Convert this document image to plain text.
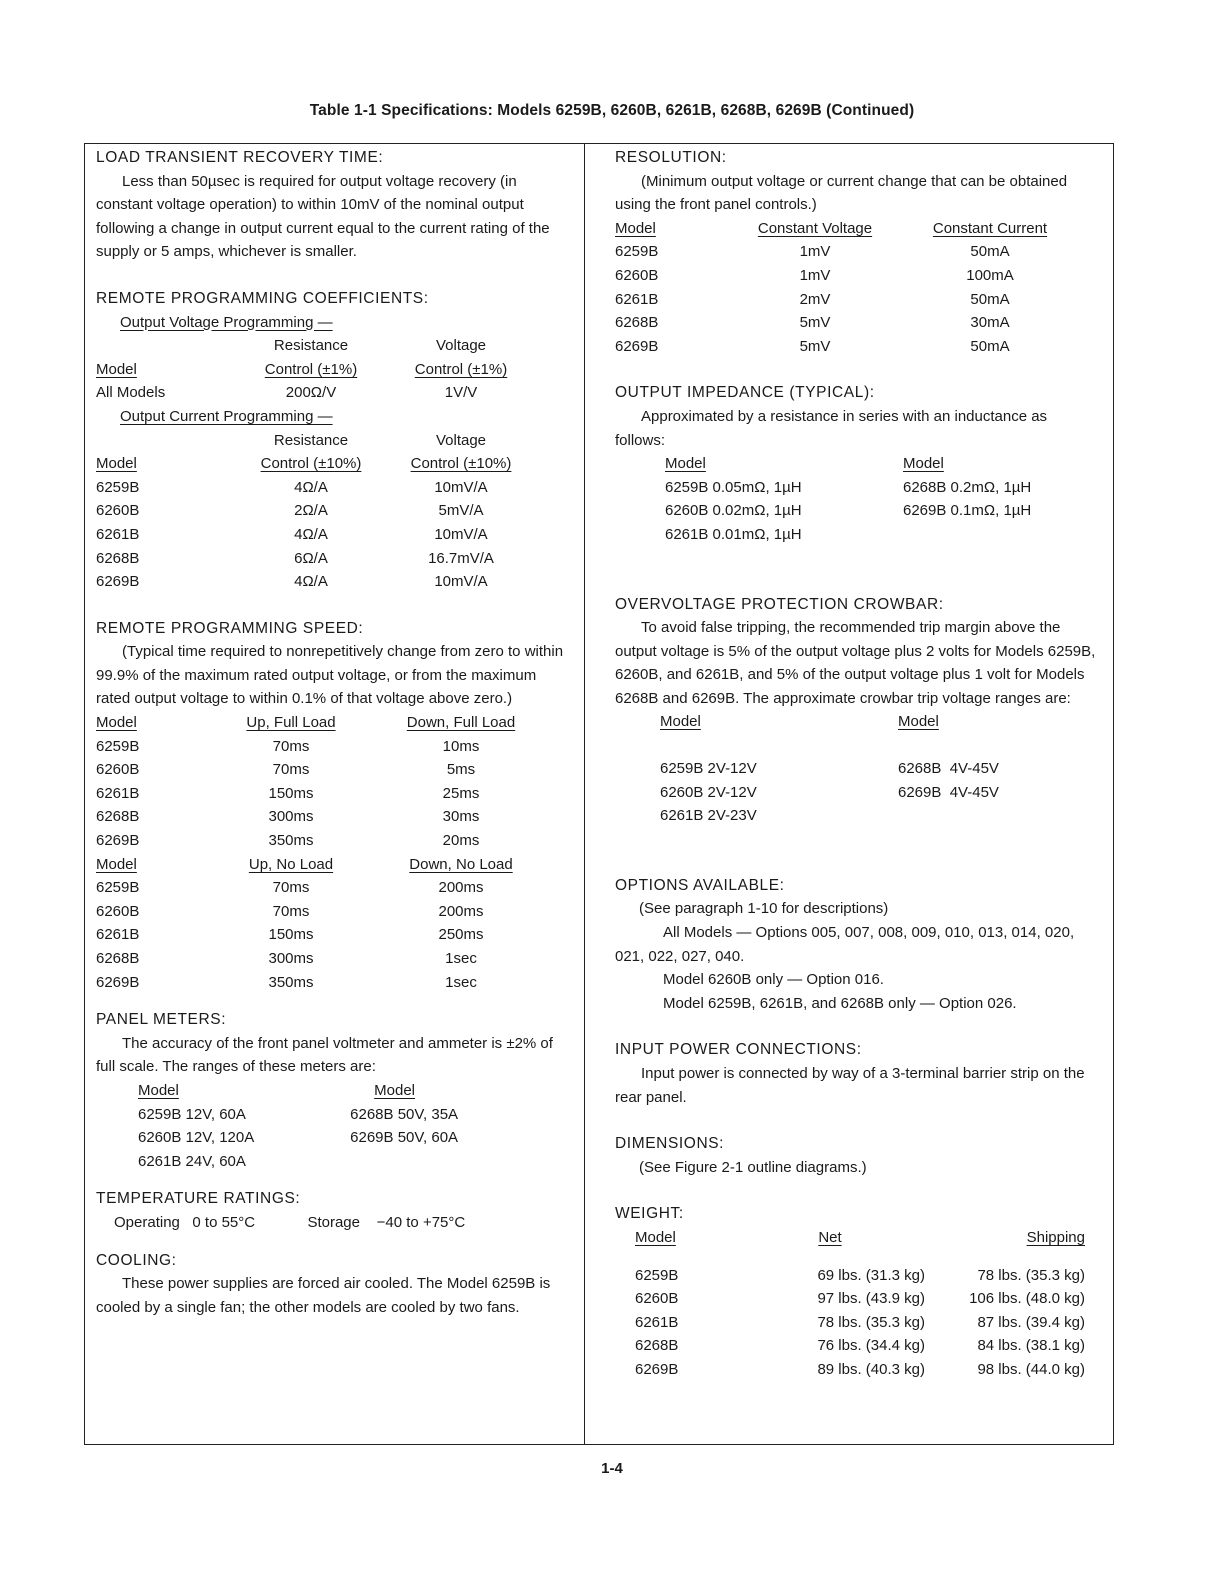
Table 1-1 Specifications: Models 6259B, 6260B, 6261B, 6268B, 6269B (Continued)
LOAD TRANSIENT RECOVERY TIME:

Less than 50µsec is required for output voltage recovery (in constant voltage operation) to within 10mV of the nominal output following a change in output current equal to the current rating of the supply or 5 amps, whichever is smaller.

REMOTE PROGRAMMING COEFFICIENTS:

Output Voltage Programming —

	Resistance	Voltage
Model	Control (±1%)	Control (±1%)
All Models	200Ω/V	1V/V

Output Current Programming —

	Resistance	Voltage
Model	Control (±10%)	Control (±10%)
6259B	4Ω/A	10mV/A
6260B	2Ω/A	5mV/A
6261B	4Ω/A	10mV/A
6268B	6Ω/A	16.7mV/A
6269B	4Ω/A	10mV/A
REMOTE PROGRAMMING SPEED:

(Typical time required to nonrepetitively change from zero to within 99.9% of the maximum rated output voltage, or from the maximum rated output voltage to within 0.1% of that voltage above zero.)

Model	Up, Full Load	Down, Full Load
6259B	70ms	10ms
6260B	70ms	5ms
6261B	150ms	25ms
6268B	300ms	30ms
6269B	350ms	20ms
Model	Up, No Load	Down, No Load
6259B	70ms	200ms
6260B	70ms	200ms
6261B	150ms	250ms
6268B	300ms	1sec
6269B	350ms	1sec
PANEL METERS:

The accuracy of the front panel voltmeter and ammeter is ±2% of full scale. The ranges of these meters are:

Model	Model
6259B 12V, 60A	6268B 50V, 35A
6260B 12V, 120A	6269B 50V, 60A
6261B 24V, 60A	
TEMPERATURE RATINGS:

Operating 0 to 55°C	Storage −40 to +75°C

COOLING:

These power supplies are forced air cooled. The Model 6259B is cooled by a single fan; the other models are cooled by two fans.

RESOLUTION:

(Minimum output voltage or current change that can be obtained using the front panel controls.)

Model	Constant Voltage	Constant Current
6259B	1mV	50mA
6260B	1mV	100mA
6261B	2mV	50mA
6268B	5mV	30mA
6269B	5mV	50mA
OUTPUT IMPEDANCE (TYPICAL):

Approximated by a resistance in series with an inductance as follows:

Model	Model
6259B 0.05mΩ, 1µH	6268B 0.2mΩ, 1µH
6260B 0.02mΩ, 1µH	6269B 0.1mΩ, 1µH
6261B 0.01mΩ, 1µH	
OVERVOLTAGE PROTECTION CROWBAR:

To avoid false tripping, the recommended trip margin above the output voltage is 5% of the output voltage plus 2 volts for Models 6259B, 6260B, and 6261B, and 5% of the output voltage plus 1 volt for Models 6268B and 6269B. The approximate crowbar trip voltage ranges are:

Model	Model

6259B 2V-12V	6268B 4V-45V
6260B 2V-12V	6269B 4V-45V
6261B 2V-23V	
OPTIONS AVAILABLE:

(See paragraph 1-10 for descriptions)

All Models — Options 005, 007, 008, 009, 010, 013, 014, 020, 021, 022, 027, 040.

Model 6260B only — Option 016.

Model 6259B, 6261B, and 6268B only — Option 026.

INPUT POWER CONNECTIONS:

Input power is connected by way of a 3-terminal barrier strip on the rear panel.

DIMENSIONS:

(See Figure 2-1 outline diagrams.)

WEIGHT:
Model	Net	Shipping

6259B	69 lbs. (31.3 kg)	78 lbs. (35.3 kg)
6260B	97 lbs. (43.9 kg)	106 lbs. (48.0 kg)
6261B	78 lbs. (35.3 kg)	87 lbs. (39.4 kg)
6268B	76 lbs. (34.4 kg)	84 lbs. (38.1 kg)
6269B	89 lbs. (40.3 kg)	98 lbs. (44.0 kg)
1-4
